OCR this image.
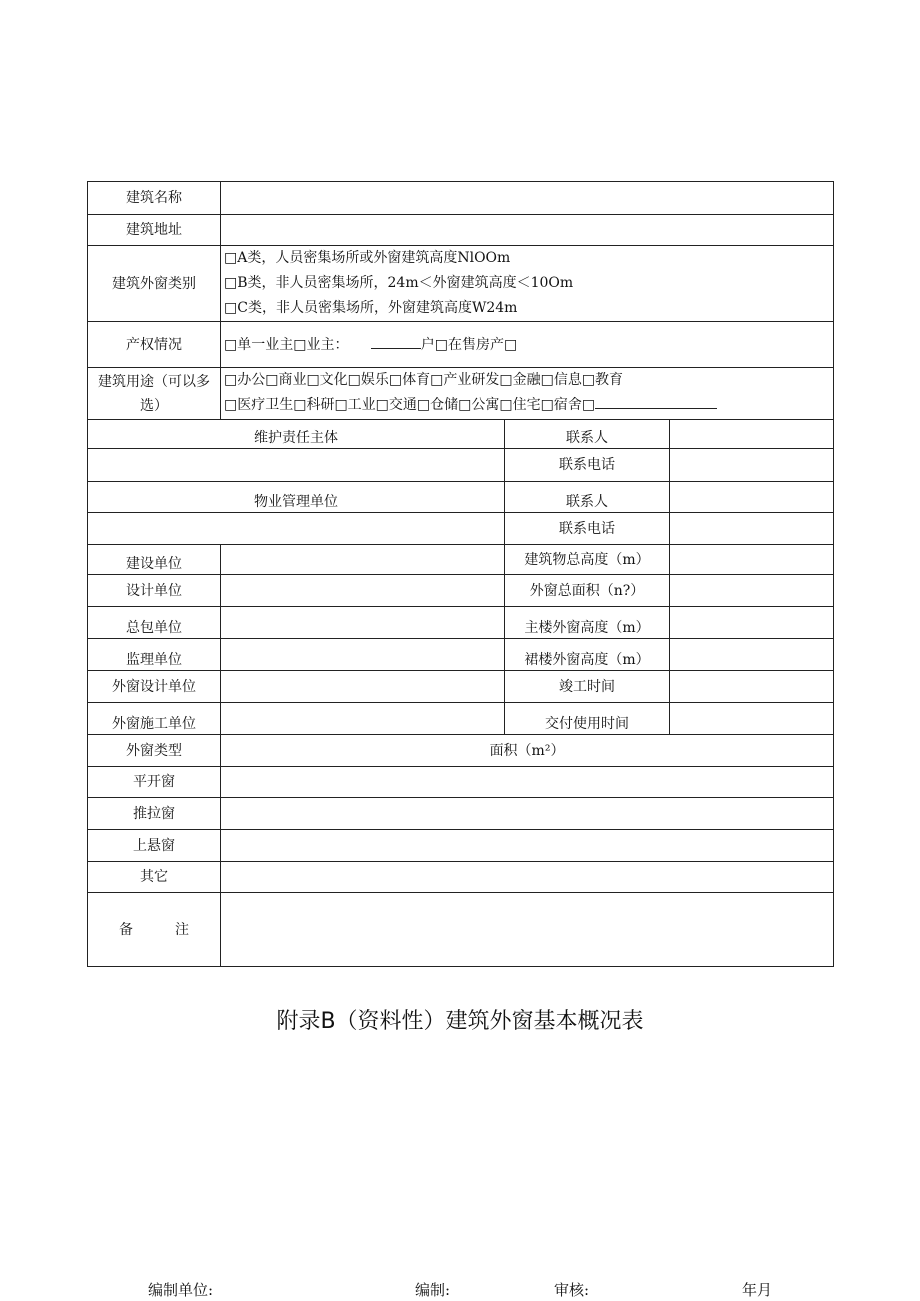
建筑名称			
建筑地址			
建筑外窗类别	□A类，人员密集场所或外窗建筑高度NlOOm
□B类，非人员密集场所，24m＜外窗建筑高度＜10Om
□C类，非人员密集场所，外窗建筑高度W24m		

产权情况	□单一业主□业主： 户□在售房产□		
建筑用途（可以多选）	□办公□商业□文化□娱乐□体育□产业研发□金融□信息□教育
□医疗卫生□科研□工业□交通□仓储□公寓□住宅□宿舍□		

维护责任主体		联系人	
		联系电话	
物业管理单位		联系人	
		联系电话	
建设单位		建筑物总高度（m）	
设计单位		外窗总面积（n?）	
总包单位		主楼外窗高度（m）	
监理单位		裙楼外窗高度（m）	
外窗设计单位		竣工时间	
外窗施工单位		交付使用时间	
外窗类型	面积（m²）		
平开窗			
推拉窗			
上悬窗			
其它			
备 注			
附录B（资料性）建筑外窗基本概况表
编制单位:	编制:	审核:	年月
